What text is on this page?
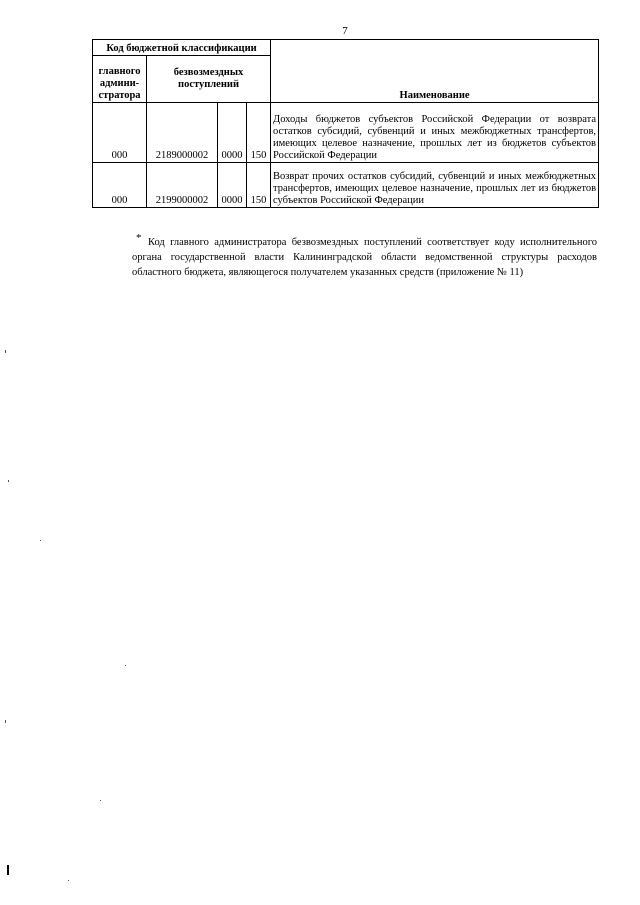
7
Код бюджетной классификации				Наименование
главного админи-стратора	безвозмездных поступлений			
000	2189000002	0000	150	Доходы бюджетов субъектов Российской Федерации от возврата остатков субсидий, субвенций и иных межбюджетных трансфертов, имеющих целевое назначение, прошлых лет из бюджетов субъектов Российской Федерации
000	2199000002	0000	150	Возврат прочих остатков субсидий, субвенций и иных межбюджетных трансфертов, имеющих целевое назначение, прошлых лет из бюджетов субъектов Российской Федерации
* Код главного администратора безвозмездных поступлений соответствует коду исполнительного органа государственной власти Калининградской области ведомственной структуры расходов областного бюджета, являющегося получателем указанных средств (приложение № 11)
